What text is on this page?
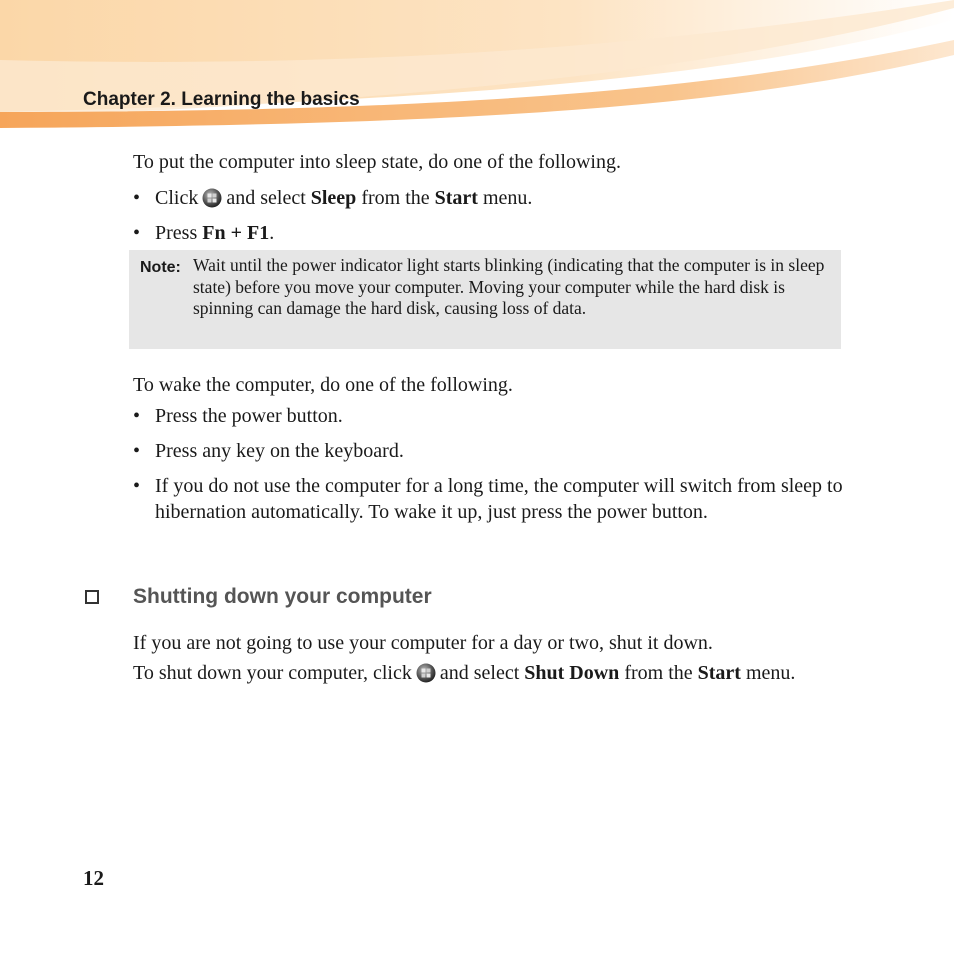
Chapter 2. Learning the basics
To put the computer into sleep state, do one of the following.
• Click and select Sleep from the Start menu.
• Press Fn + F1.
Note: Wait until the power indicator light starts blinking (indicating that the computer is in sleep state) before you move your computer. Moving your computer while the hard disk is spinning can damage the hard disk, causing loss of data.
To wake the computer, do one of the following.
• Press the power button.
• Press any key on the keyboard.
• If you do not use the computer for a long time, the computer will switch from sleep to hibernation automatically. To wake it up, just press the power button.
Shutting down your computer
If you are not going to use your computer for a day or two, shut it down.
To shut down your computer, click and select Shut Down from the Start menu.
12
